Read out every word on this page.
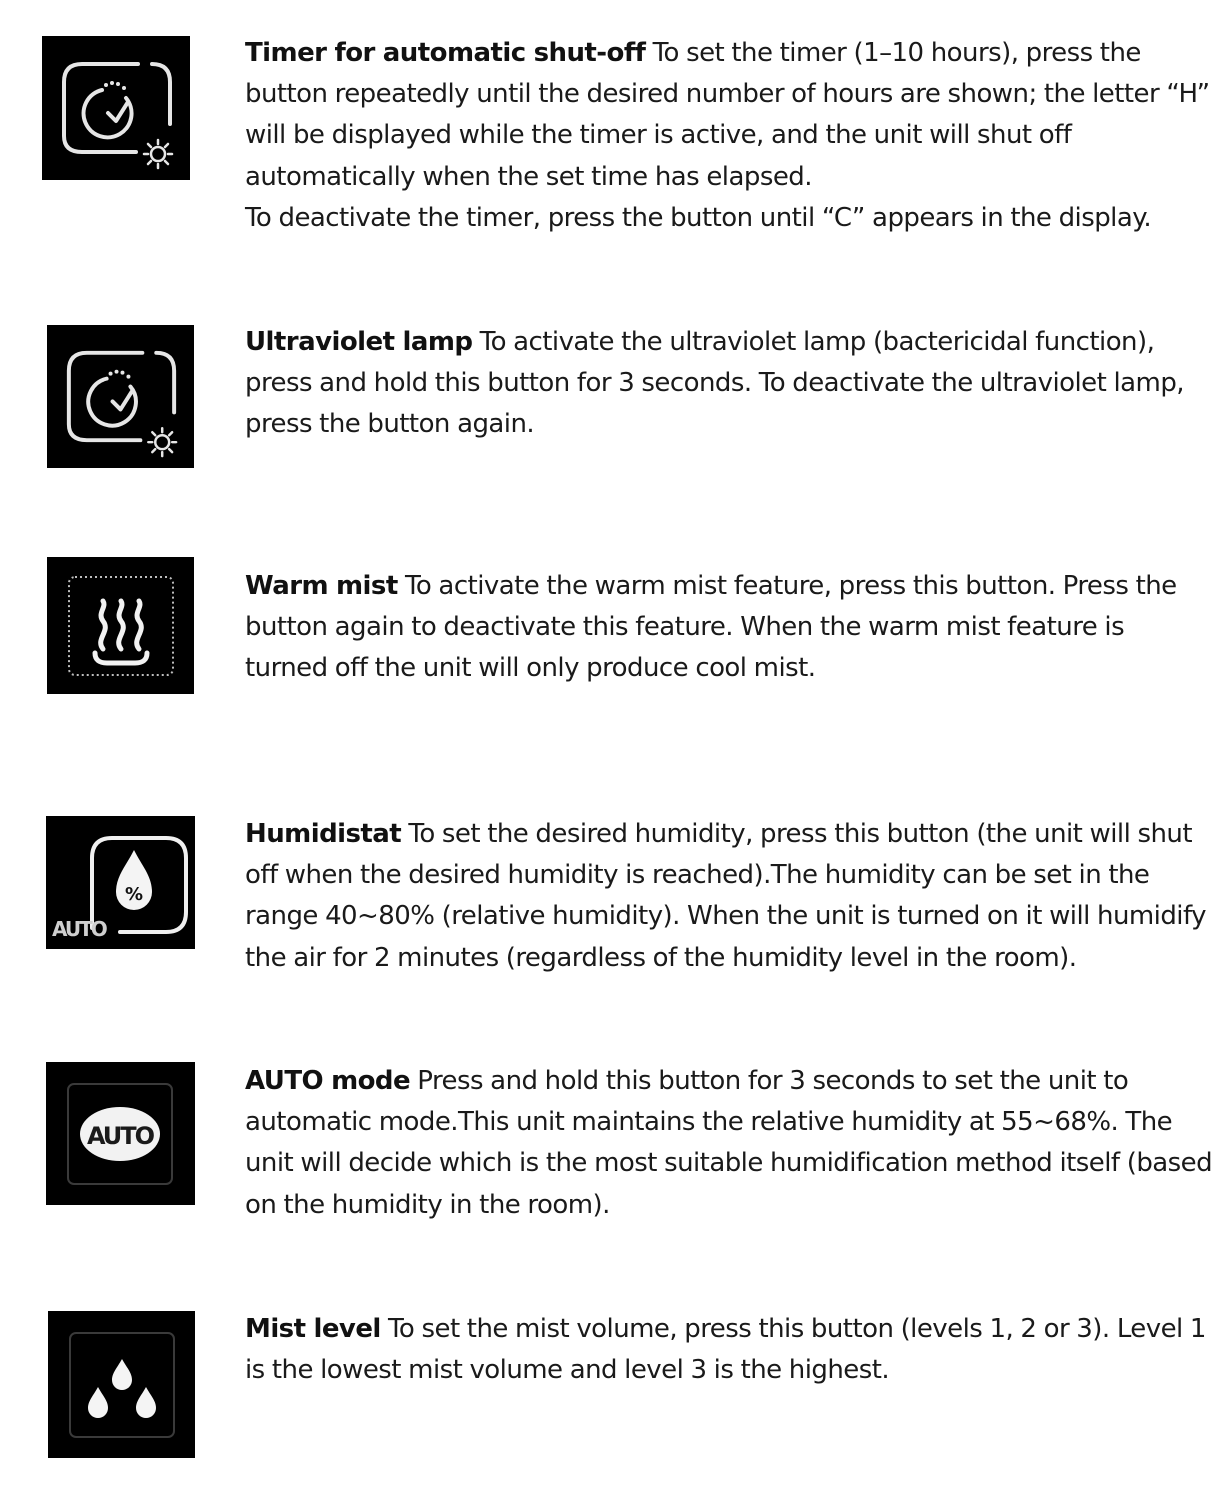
Timer for automatic shut-off To set the timer (1–10 hours), press the button repeatedly until the desired number of hours are shown; the letter “H” will be displayed while the timer is active, and the unit will shut off automatically when the set time has elapsed.
To deactivate the timer, press the button until “C” appears in the display.

Ultraviolet lamp To activate the ultraviolet lamp (bactericidal function), press and hold this button for 3 seconds. To deactivate the ultraviolet lamp, press the button again.

Warm mist To activate the warm mist feature, press this button. Press the button again to deactivate this feature. When the warm mist feature is turned off the unit will only produce cool mist.

%
AUTO

Humidistat To set the desired humidity, press this button (the unit will shut off when the desired humidity is reached).The humidity can be set in the range 40~80% (relative humidity). When the unit is turned on it will humidify the air for 2 minutes (regardless of the humidity level in the room).

AUTO

AUTO mode Press and hold this button for 3 seconds to set the unit to automatic mode.This unit maintains the relative humidity at 55~68%. The unit will decide which is the most suitable humidification method itself (based on the humidity in the room).

Mist level To set the mist volume, press this button (levels 1, 2 or 3). Level 1 is the lowest mist volume and level 3 is the highest.
